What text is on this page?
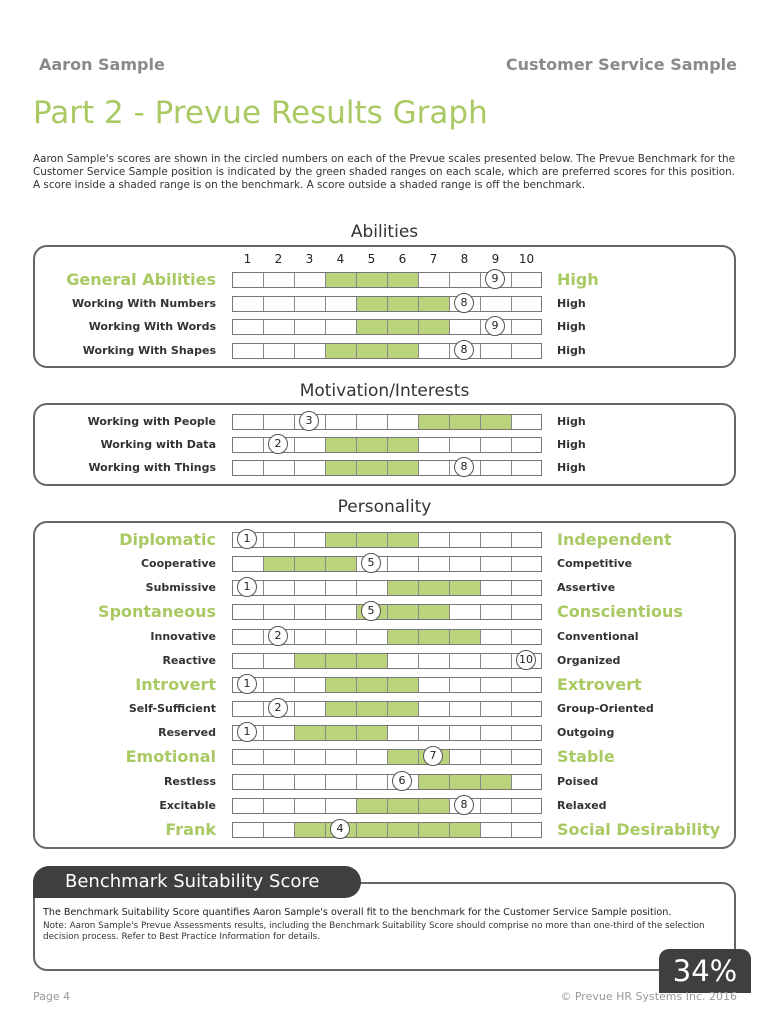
Aaron Sample	Customer Service Sample
Part 2 - Prevue Results Graph
Aaron Sample's scores are shown in the circled numbers on each of the Prevue scales presented below. The Prevue Benchmark for the Customer Service Sample position is indicated by the green shaded ranges on each scale, which are preferred scores for this position. A score inside a shaded range is on the benchmark. A score outside a shaded range is off the benchmark.
1	2	3	4	5	6	7	8	9	10
Abilities
General Abilities	9	High
Working With Numbers	8	High
Working With Words	9	High
Working With Shapes	8	High
Motivation/Interests
Working with People	3	High
Working with Data	2	High
Working with Things	8	High
Personality
Diplomatic	1	Independent
Cooperative	5	Competitive
Submissive	1	Assertive
Spontaneous	5	Conscientious
Innovative	2	Conventional
Reactive	10 Organized
Introvert	1	Extrovert
Self-Sufficient	2	Group-Oriented
Reserved	1	Outgoing
Emotional	7	Stable
Restless	6	Poised
Excitable	8	Relaxed
Frank	4	Social Desirability
Benchmark Suitability Score
The Benchmark Suitability Score quantifies Aaron Sample's overall fit to the benchmark for the Customer Service Sample position.
Note: Aaron Sample's Prevue Assessments results, including the Benchmark Suitability Score should comprise no more than one-third of the selection decision process. Refer to Best Practice Information for details.
34%
Page 4	© Prevue HR Systems Inc. 2016
